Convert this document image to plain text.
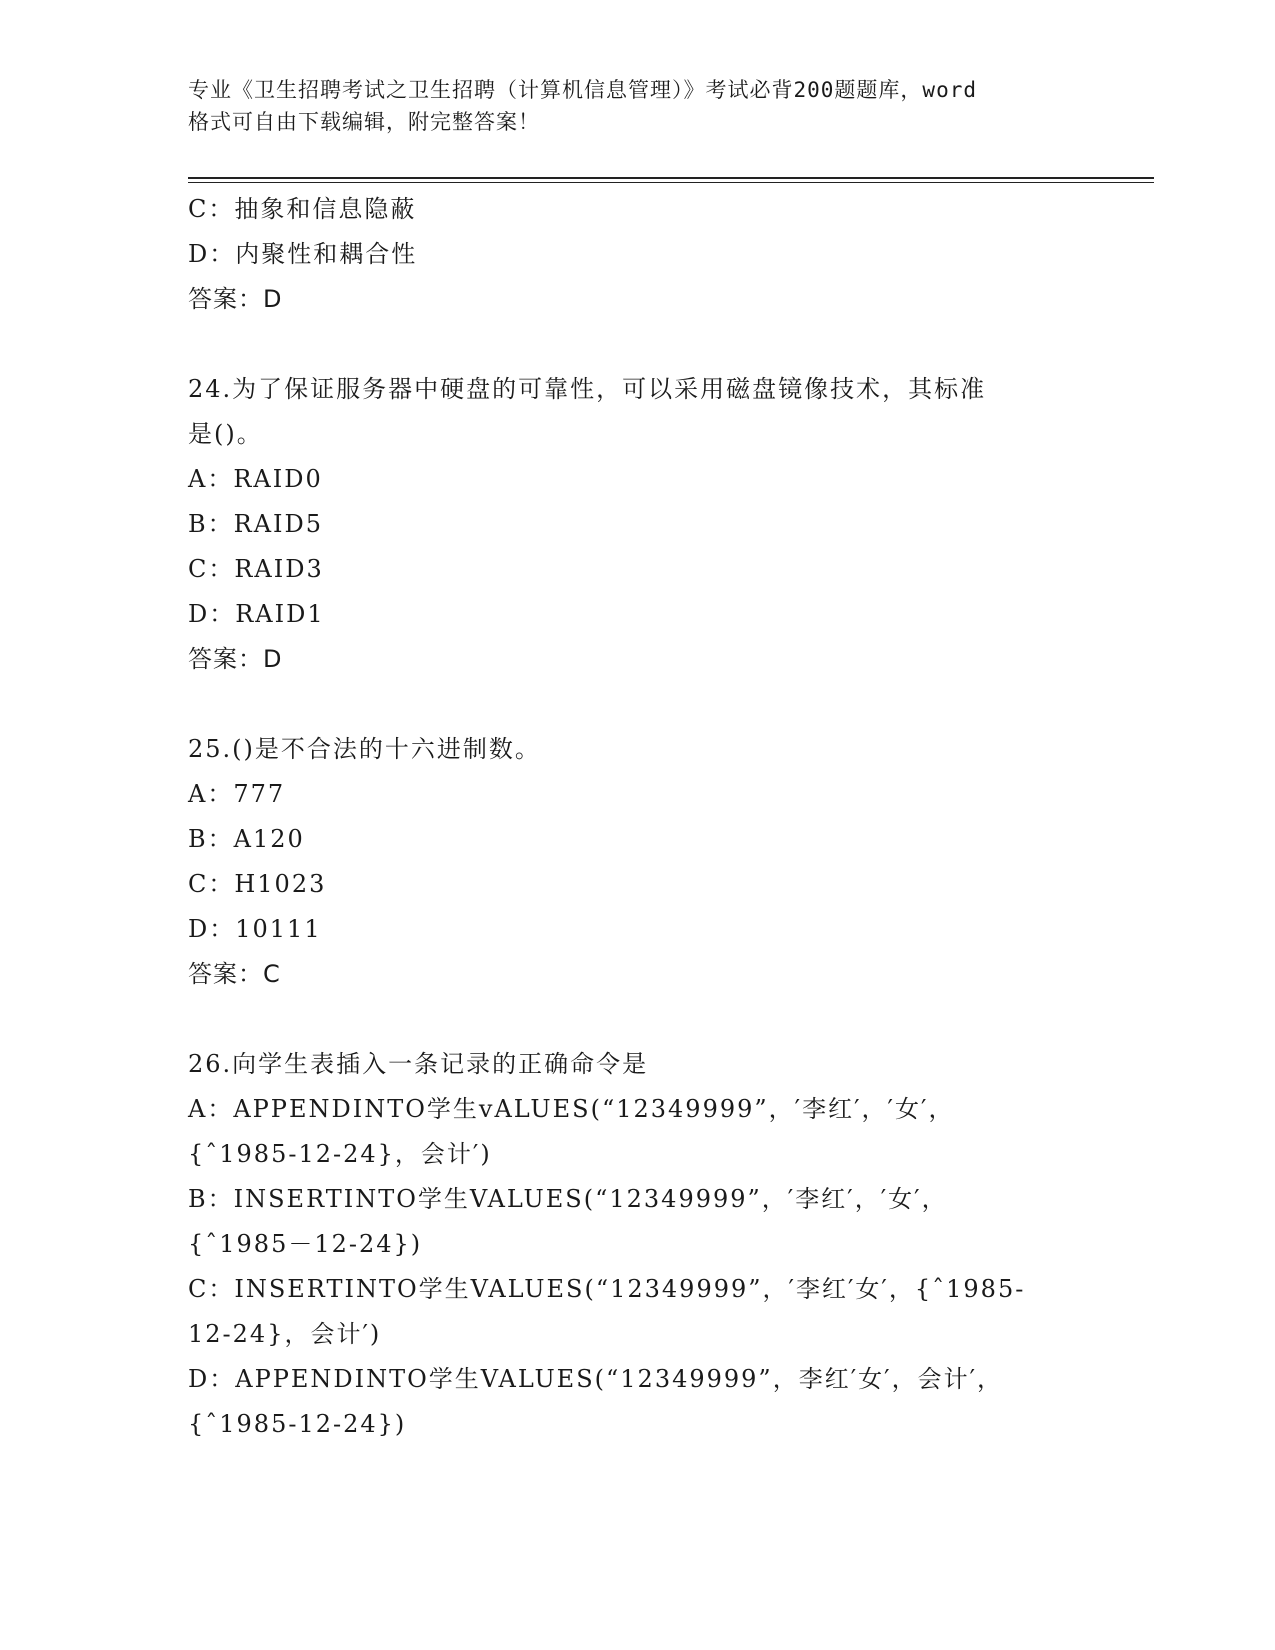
专业《卫生招聘考试之卫生招聘（计算机信息管理）》考试必背200题题库，word
格式可自由下载编辑，附完整答案！
C：抽象和信息隐蔽
D：内聚性和耦合性
答案：D
24.为了保证服务器中硬盘的可靠性，可以采用磁盘镜像技术，其标准
是()。
A：RAID0
B：RAID5
C：RAID3
D：RAID1
答案：D
25.()是不合法的十六进制数。
A：777
B：A120
C：H1023
D：10111
答案：C
26.向学生表插入一条记录的正确命令是
A：APPENDINTO学生vALUES(“12349999”，′李红′，′女′，
{ˆ1985-12-24}，会计′)
B：INSERTINTO学生VALUES(“12349999”，′李红′，′女′，
{ˆ1985－12-24})
C：INSERTINTO学生VALUES(“12349999”，′李红′女′，{ˆ1985-
12-24}，会计′)
D：APPENDINTO学生VALUES(“12349999”，李红′女′，会计′，
{ˆ1985-12-24})
